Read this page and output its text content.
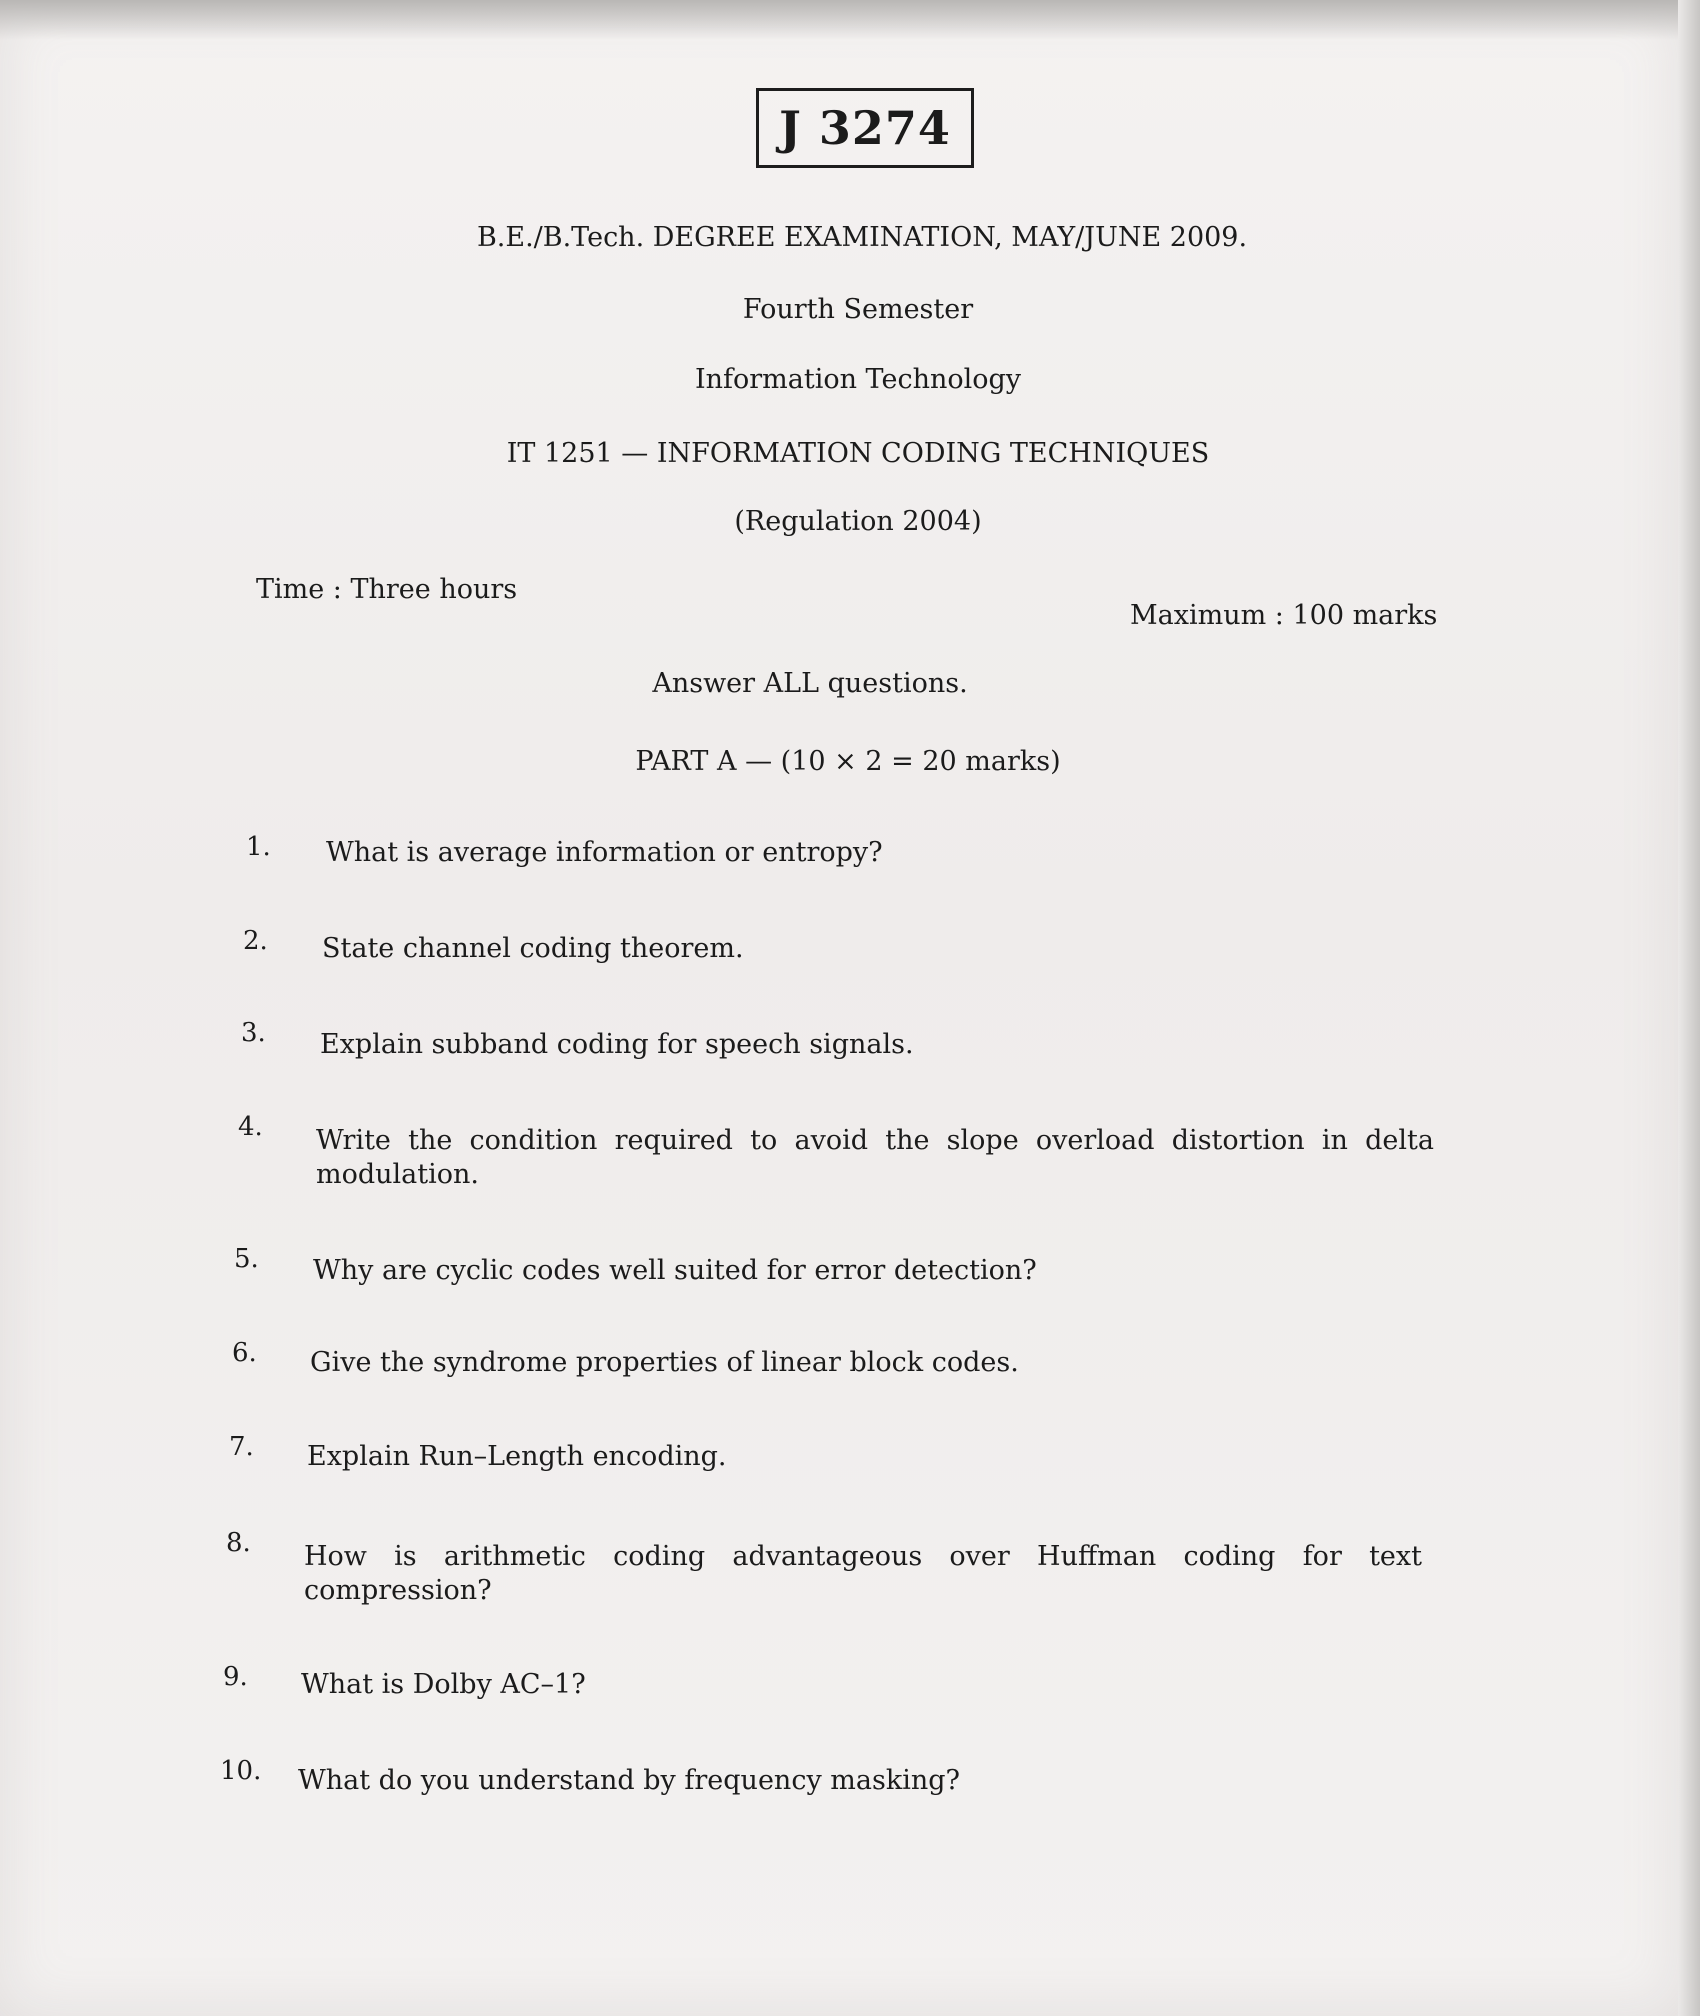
J 3274
B.E./B.Tech. DEGREE EXAMINATION, MAY/JUNE 2009.
Fourth Semester
Information Technology
IT 1251 — INFORMATION CODING TECHNIQUES
(Regulation 2004)
Time : Three hours
Maximum : 100 marks
Answer ALL questions.
PART A — (10 × 2 = 20 marks)
1. What is average information or entropy?
2. State channel coding theorem.
3. Explain subband coding for speech signals.
4. Write the condition required to avoid the slope overload distortion in delta modulation.
5. Why are cyclic codes well suited for error detection?
6. Give the syndrome properties of linear block codes.
7. Explain Run–Length encoding.
8. How is arithmetic coding advantageous over Huffman coding for text compression?
9. What is Dolby AC–1?
10. What do you understand by frequency masking?
